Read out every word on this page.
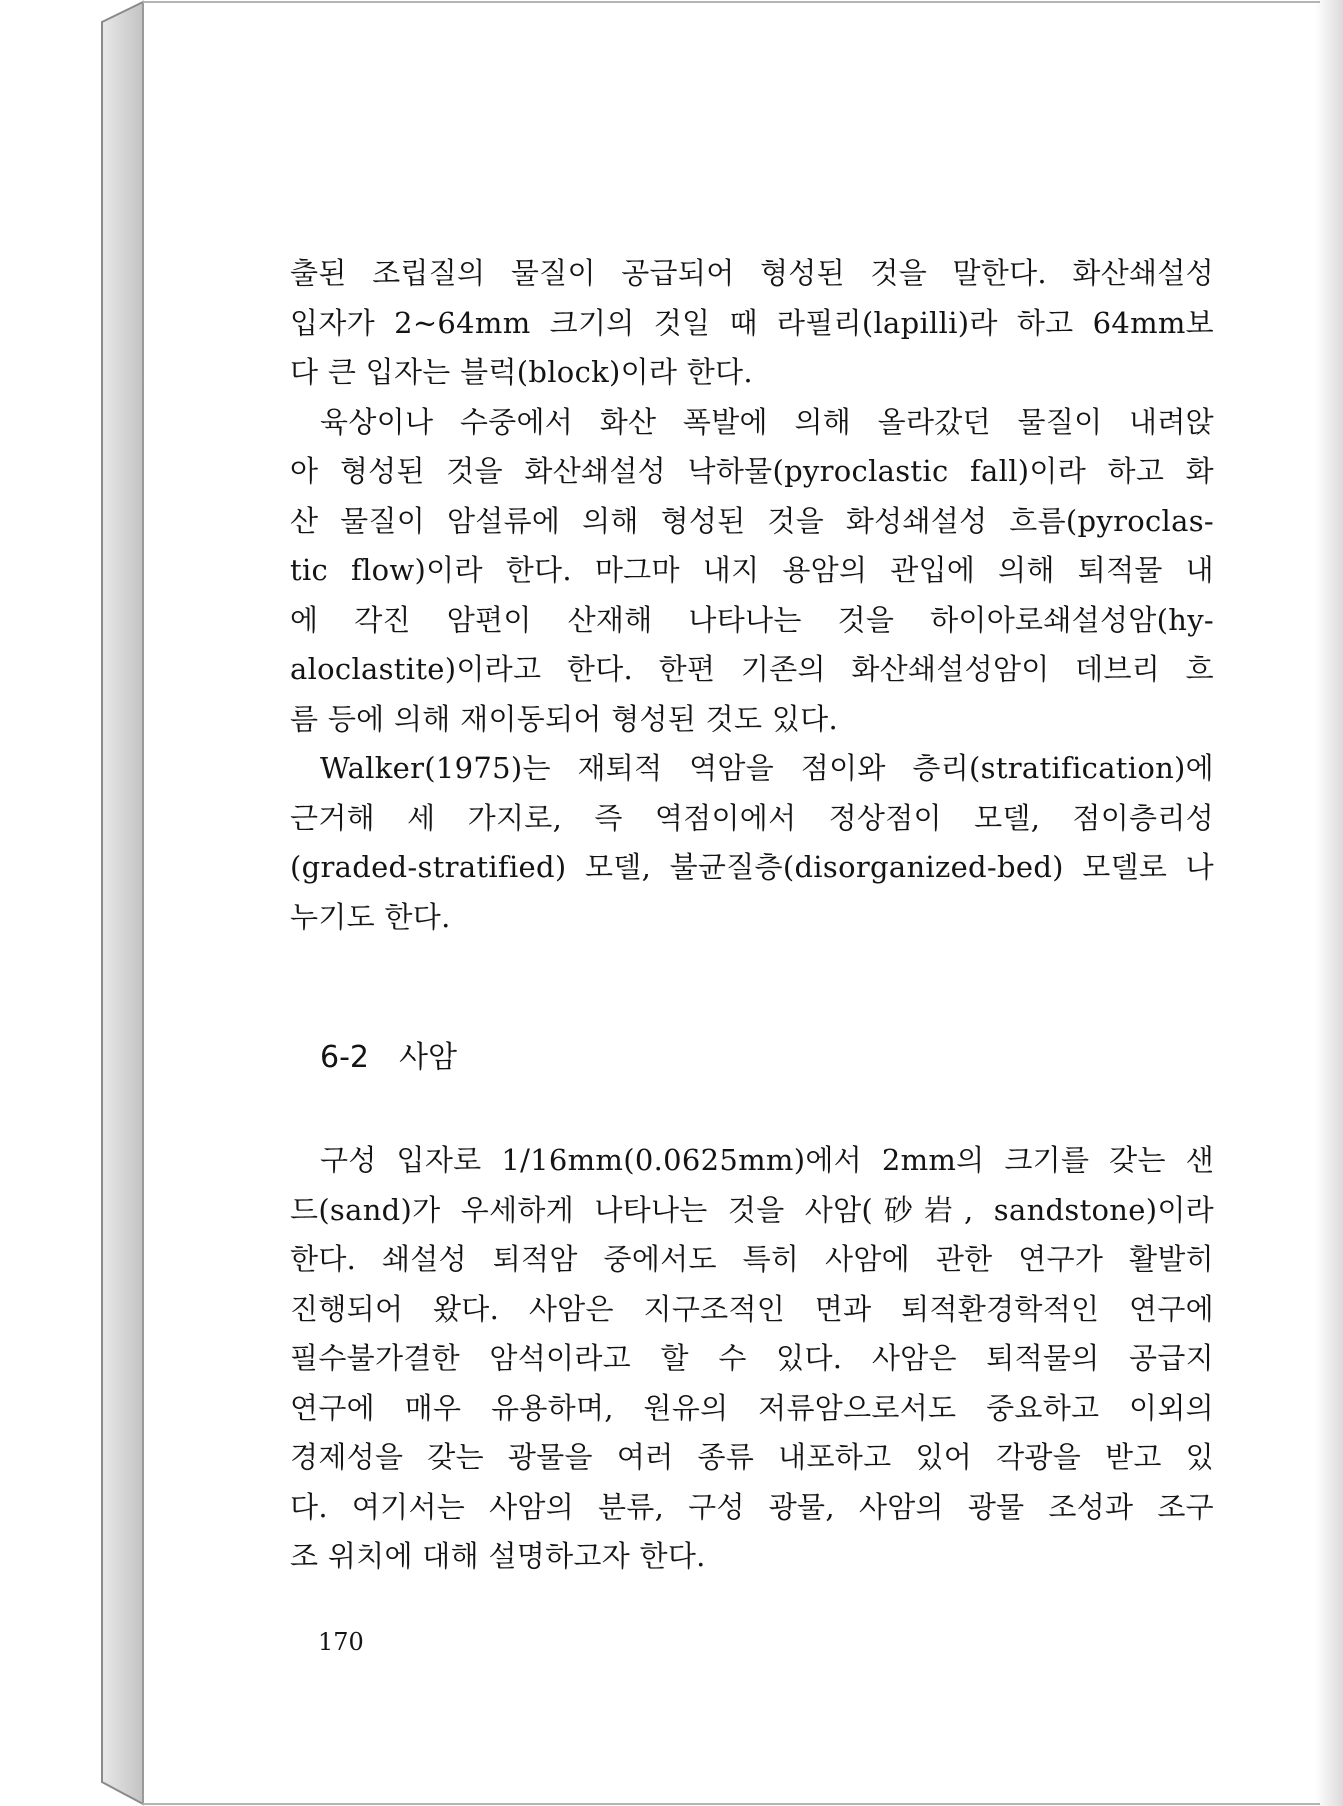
출된 조립질의 물질이 공급되어 형성된 것을 말한다. 화산쇄설성
입자가 2∼64mm 크기의 것일 때 라필리(lapilli)라 하고 64mm보
다 큰 입자는 블럭(block)이라 한다.
육상이나 수중에서 화산 폭발에 의해 올라갔던 물질이 내려앉
아 형성된 것을 화산쇄설성 낙하물(pyroclastic fall)이라 하고 화
산 물질이 암설류에 의해 형성된 것을 화성쇄설성 흐름(pyroclas-
tic flow)이라 한다. 마그마 내지 용암의 관입에 의해 퇴적물 내
에 각진 암편이 산재해 나타나는 것을 하이아로쇄설성암(hy-
aloclastite)이라고 한다. 한편 기존의 화산쇄설성암이 데브리 흐
름 등에 의해 재이동되어 형성된 것도 있다.
Walker(1975)는 재퇴적 역암을 점이와 층리(stratification)에
근거해 세 가지로, 즉 역점이에서 정상점이 모델, 점이층리성
(graded-stratified) 모델, 불균질층(disorganized-bed) 모델로 나
누기도 한다.
6-2 사암
구성 입자로 1/16mm(0.0625mm)에서 2mm의 크기를 갖는 샌
드(sand)가 우세하게 나타나는 것을 사암(砂岩, sandstone)이라
한다. 쇄설성 퇴적암 중에서도 특히 사암에 관한 연구가 활발히
진행되어 왔다. 사암은 지구조적인 면과 퇴적환경학적인 연구에
필수불가결한 암석이라고 할 수 있다. 사암은 퇴적물의 공급지
연구에 매우 유용하며, 원유의 저류암으로서도 중요하고 이외의
경제성을 갖는 광물을 여러 종류 내포하고 있어 각광을 받고 있
다. 여기서는 사암의 분류, 구성 광물, 사암의 광물 조성과 조구
조 위치에 대해 설명하고자 한다.
170
